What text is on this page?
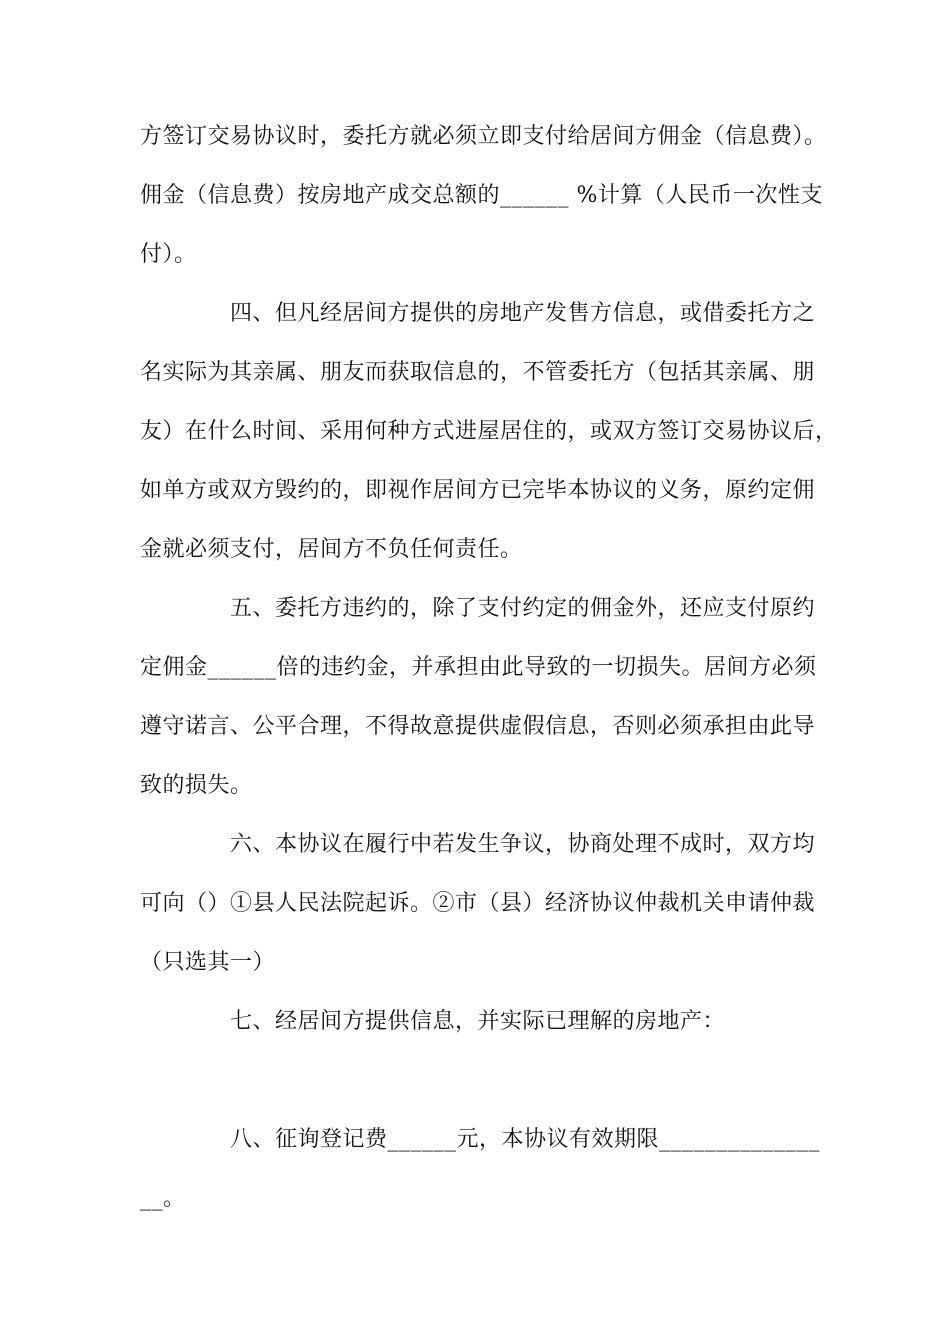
方签订交易协议时，委托方就必须立即支付给居间方佣金（信息费）。
佣金（信息费）按房地产成交总额的______ %计算（人民币一次性支
付）。
四、但凡经居间方提供的房地产发售方信息，或借委托方之
名实际为其亲属、朋友而获取信息的，不管委托方（包括其亲属、朋
友）在什么时间、采用何种方式进屋居住的，或双方签订交易协议后，
如单方或双方毁约的，即视作居间方已完毕本协议的义务，原约定佣
金就必须支付，居间方不负任何责任。
五、委托方违约的，除了支付约定的佣金外，还应支付原约
定佣金______倍的违约金，并承担由此导致的一切损失。居间方必须
遵守诺言、公平合理，不得故意提供虚假信息，否则必须承担由此导
致的损失。
六、本协议在履行中若发生争议，协商处理不成时，双方均
可向（）①县人民法院起诉。②市（县）经济协议仲裁机关申请仲裁
（只选其一）
七、经居间方提供信息，并实际已理解的房地产：
八、征询登记费______元，本协议有效期限______________
__。
